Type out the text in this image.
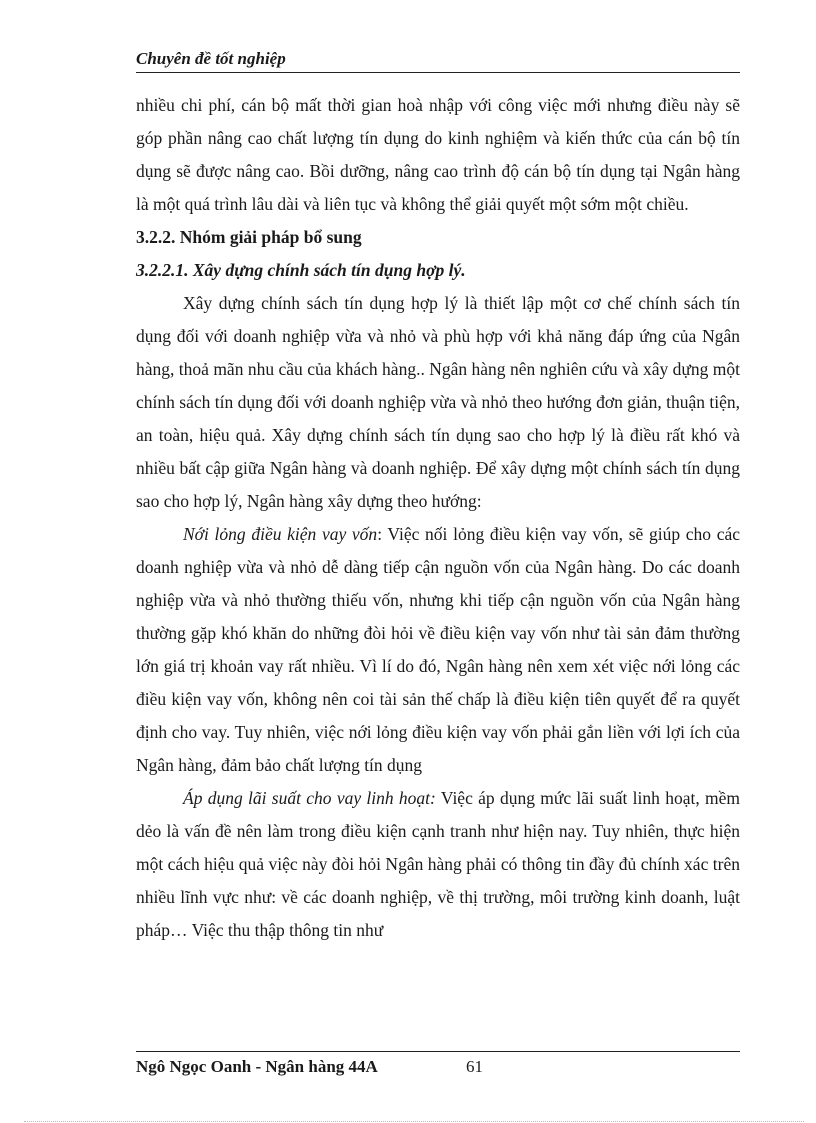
Chuyên đề tốt nghiệp

nhiều chi phí, cán bộ mất thời gian hoà nhập với công việc mới nhưng điều này sẽ góp phần nâng cao chất lượng tín dụng do kinh nghiệm và kiến thức của cán bộ tín dụng sẽ được nâng cao. Bồi dưỡng, nâng cao trình độ cán bộ tín dụng tại Ngân hàng là một quá trình lâu dài và liên tục và không thể giải quyết một sớm một chiều.

3.2.2. Nhóm giải pháp bổ sung

3.2.2.1. Xây dựng chính sách tín dụng hợp lý.

Xây dựng chính sách tín dụng hợp lý là thiết lập một cơ chế chính sách tín dụng đối với doanh nghiệp vừa và nhỏ và phù hợp với khả năng đáp ứng của Ngân hàng, thoả mãn nhu cầu của khách hàng.. Ngân hàng nên nghiên cứu và xây dựng một chính sách tín dụng đối với doanh nghiệp vừa và nhỏ theo hướng đơn giản, thuận tiện, an toàn, hiệu quả. Xây dựng chính sách tín dụng sao cho hợp lý là điều rất khó và nhiều bất cập giữa Ngân hàng và doanh nghiệp. Để xây dựng một chính sách tín dụng sao cho hợp lý, Ngân hàng xây dựng theo hướng:

Nới lỏng điều kiện vay vốn: Việc nối lỏng điều kiện vay vốn, sẽ giúp cho các doanh nghiệp vừa và nhỏ dễ dàng tiếp cận nguồn vốn của Ngân hàng. Do các doanh nghiệp vừa và nhỏ thường thiếu vốn, nhưng khi tiếp cận nguồn vốn của Ngân hàng thường gặp khó khăn do những đòi hỏi về điều kiện vay vốn như tài sản đảm thường lớn giá trị khoản vay rất nhiều. Vì lí do đó, Ngân hàng nên xem xét việc nới lỏng các điều kiện vay vốn, không nên coi tài sản thế chấp là điều kiện tiên quyết để ra quyết định cho vay. Tuy nhiên, việc nới lỏng điều kiện vay vốn phải gắn liền với lợi ích của Ngân hàng, đảm bảo chất lượng tín dụng

Áp dụng lãi suất cho vay linh hoạt: Việc áp dụng mức lãi suất linh hoạt, mềm dẻo là vấn đề nên làm trong điều kiện cạnh tranh như hiện nay. Tuy nhiên, thực hiện một cách hiệu quả việc này đòi hỏi Ngân hàng phải có thông tin đầy đủ chính xác trên nhiều lĩnh vực như: về các doanh nghiệp, về thị trường, môi trường kinh doanh, luật pháp… Việc thu thập thông tin như

Ngô Ngọc Oanh - Ngân hàng 44A	61
